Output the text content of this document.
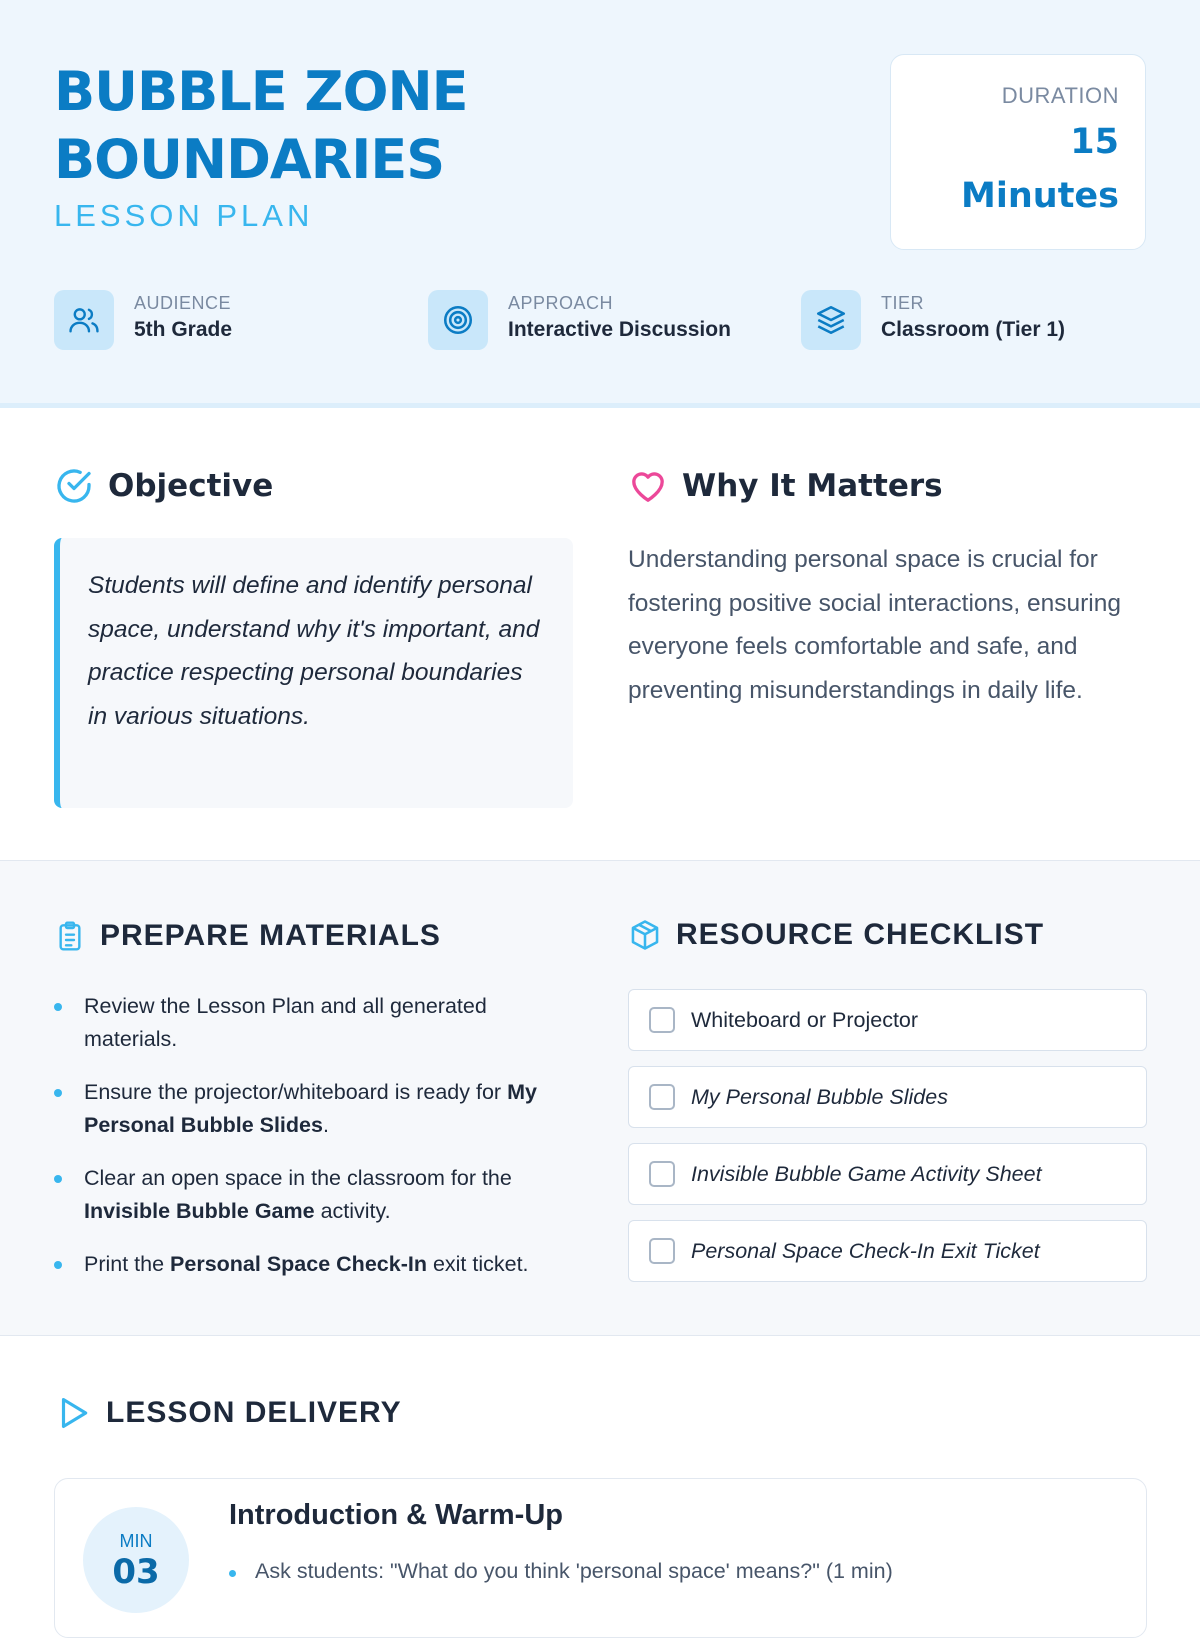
BUBBLE ZONE
BOUNDARIES
LESSON PLAN
DURATION
15
Minutes
AUDIENCE
5th Grade
APPROACH
Interactive Discussion
TIER
Classroom (Tier 1)
Objective

Students will define and identify personal space, understand why it's important, and practice respecting personal boundaries in various situations.

Why It Matters

Understanding personal space is crucial for fostering positive social interactions, ensuring everyone feels comfortable and safe, and preventing misunderstandings in daily life.

PREPARE MATERIALS
Review the Lesson Plan and all generated materials.
Ensure the projector/whiteboard is ready for My Personal Bubble Slides.
Clear an open space in the classroom for the Invisible Bubble Game activity.
Print the Personal Space Check-In exit ticket.
RESOURCE CHECKLIST
Whiteboard or Projector
My Personal Bubble Slides
Invisible Bubble Game Activity Sheet
Personal Space Check-In Exit Ticket
LESSON DELIVERY
MIN
03
Introduction & Warm-Up
Ask students: "What do you think 'personal space' means?" (1 min)
